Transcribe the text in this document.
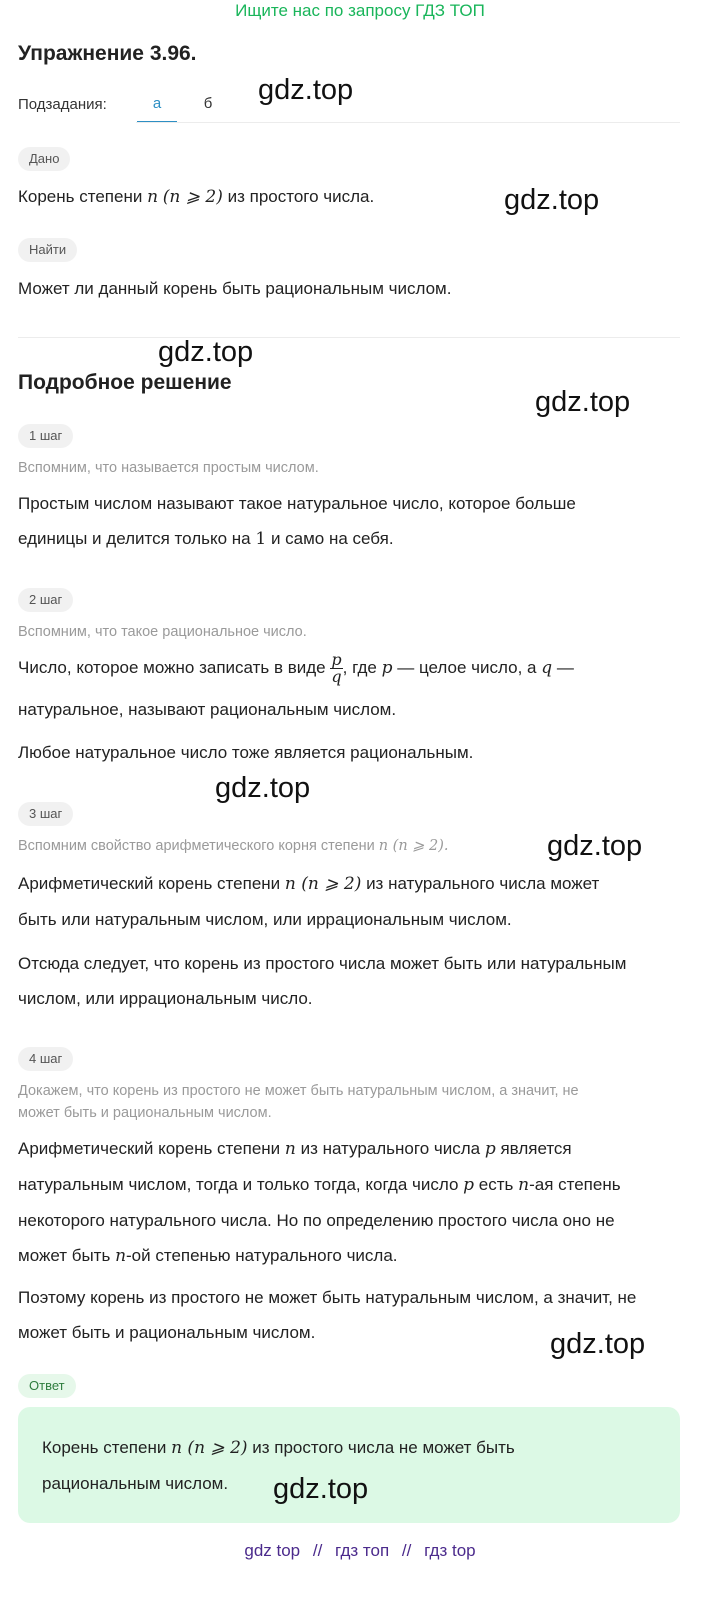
Ищите нас по запросу ГДЗ ТОП
Упражнение 3.96.
Подзадания:	а	б
Дано
Корень степени n (n ⩾ 2) из простого числа.
Найти
Может ли данный корень быть рациональным числом.
Подробное решение
1 шаг
Вспомним, что называется простым числом.
Простым числом называют такое натуральное число, которое больше
единицы и делится только на 1 и само на себя.
2 шаг
Вспомним, что такое рациональное число.
Число, которое можно записать в виде $\frac{p}{q}$ , где p — целое число, а q —
натуральное, называют рациональным числом.
Любое натуральное число тоже является рациональным.
3 шаг
Вспомним свойство арифметического корня степени n (n ⩾ 2).
Арифметический корень степени n (n ⩾ 2) из натурального числа может
быть или натуральным числом, или иррациональным числом.
Отсюда следует, что корень из простого числа может быть или натуральным
числом, или иррациональным число.
4 шаг
Докажем, что корень из простого не может быть натуральным числом, а значит, не
может быть и рациональным числом.
Арифметический корень степени n из натурального числа p является
натуральным числом, тогда и только тогда, когда число p есть n-ая степень
некоторого натурального числа. Но по определению простого числа оно не
может быть n-ой степенью натурального числа.
Поэтому корень из простого не может быть натуральным числом, а значит, не
может быть и рациональным числом.
Ответ
Корень степени n (n ⩾ 2) из простого числа не может быть
рациональным числом.
gdz.top
gdz.top
gdz.top
gdz.top
gdz.top
gdz.top
gdz.top
gdz.top
gdz top // гдз топ // гдз top
